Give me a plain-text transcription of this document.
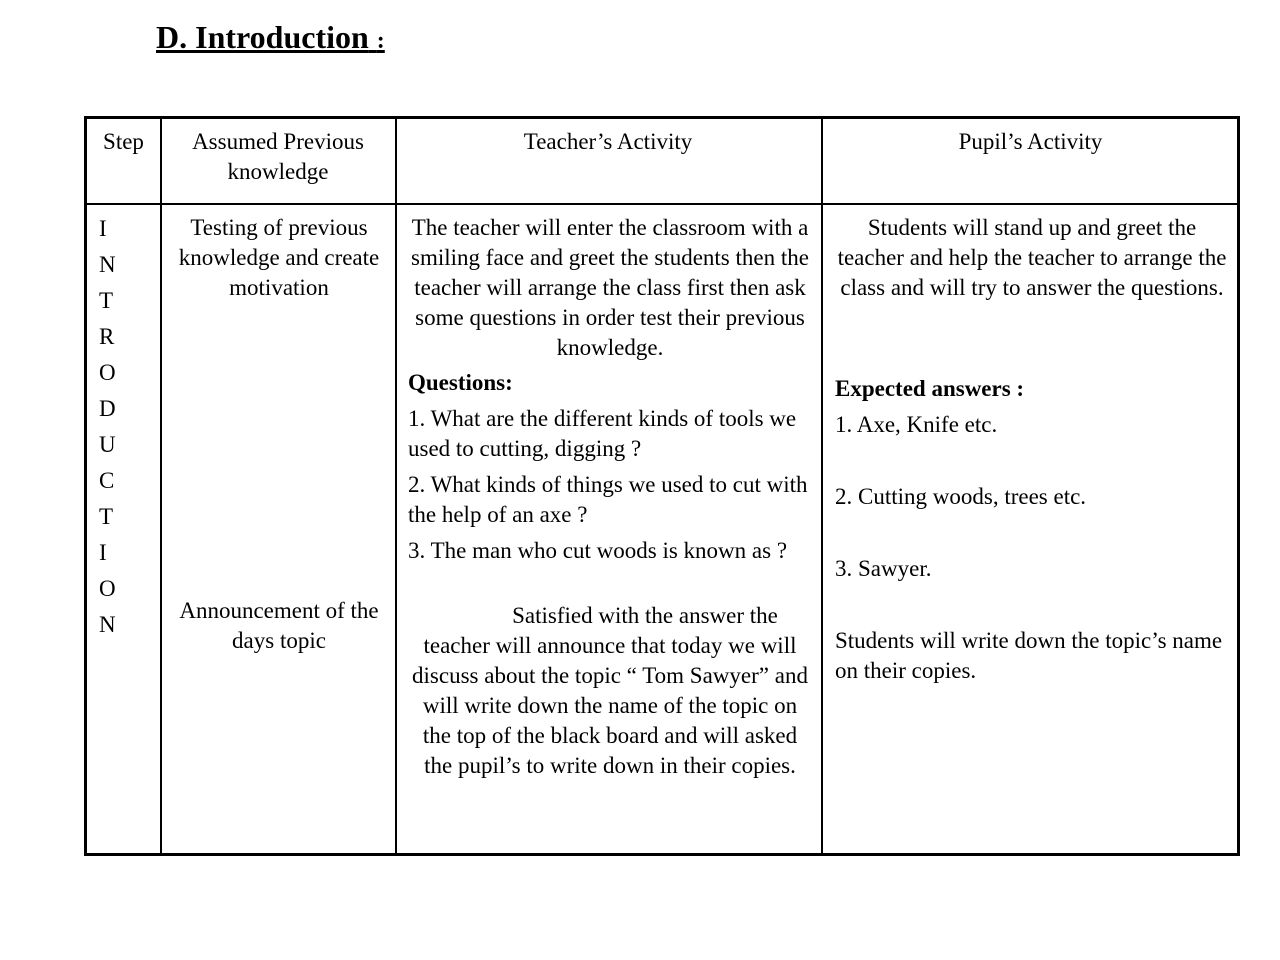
D. Introduction :
Step	Assumed Previous knowledge
Teacher’s Activity	Pupil’s Activity
I
N
T
R
O
D
U
C
T
I
O
N
Testing of previous knowledge and create motivation
Announcement of the days topic
The teacher will enter the classroom with a smiling face and greet the students then the teacher will arrange the class first then ask some questions in order test their previous knowledge.
Questions:
1. What are the different kinds of tools we used to cutting, digging ?
2. What kinds of things we used to cut with the help of an axe ?
3. The man who cut woods is known as ?
Satisfied with the answer the teacher will announce that today we will discuss about the topic “ Tom Sawyer” and will write down the name of the topic on the top of the black board and will asked the pupil’s to write down in their copies.
Students will stand up and greet the teacher and help the teacher to arrange the class and will try to answer the questions.
Expected answers :
1. Axe, Knife etc.
2. Cutting woods, trees etc.
3. Sawyer.
Students will write down the topic’s name on their copies.
